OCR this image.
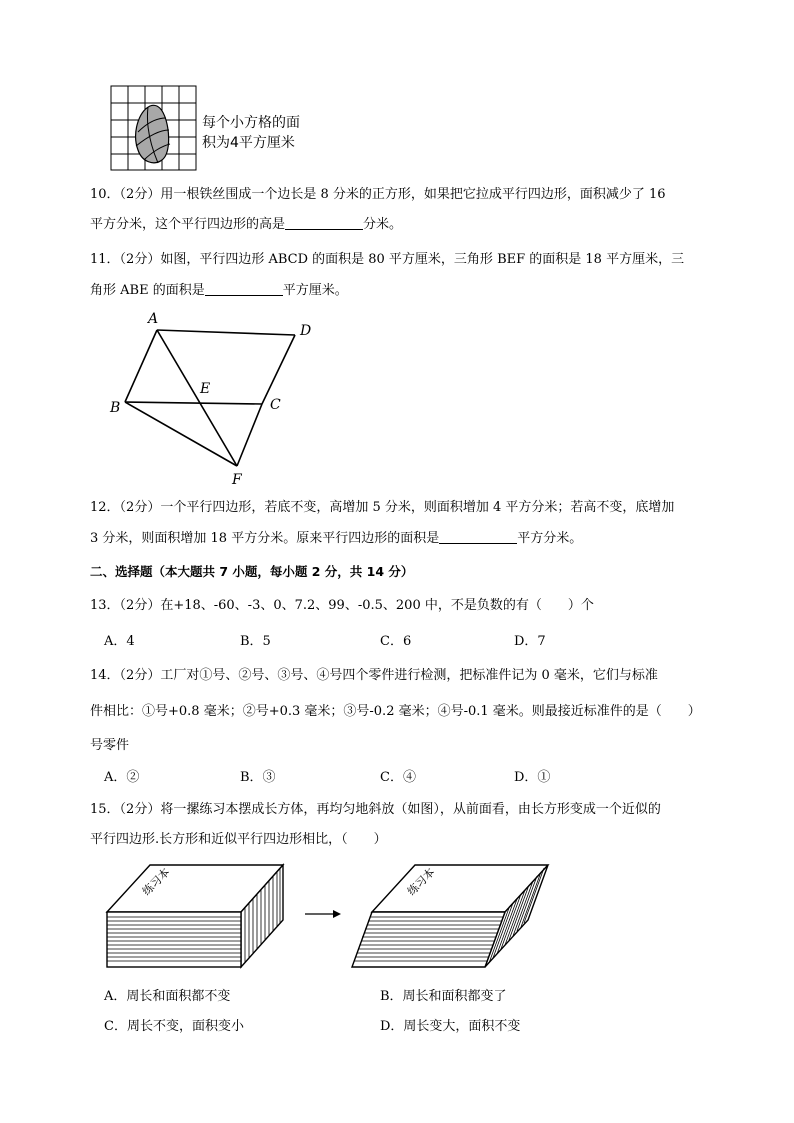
每个小方格的面
积为4平方厘米
10．（2分）用一根铁丝围成一个边长是 8 分米的正方形，如果把它拉成平行四边形，面积减少了 16
平方分米，这个平行四边形的高是	分米。
11．（2分）如图，平行四边形 ABCD 的面积是 80 平方厘米，三角形 BEF 的面积是 18 平方厘米，三
角形 ABE 的面积是	平方厘米。
A
D
B	C
E
F
12．（2分）一个平行四边形，若底不变，高增加 5 分米，则面积增加 4 平方分米；若高不变，底增加
3 分米，则面积增加 18 平方分米。原来平行四边形的面积是	平方分米。
二、选择题（本大题共 7 小题，每小题 2 分，共 14 分）
13．（2分）在+18、-60、-3、0、7.2、99、-0.5、200 中，不是负数的有（　　）个
A．4	B．5	C．6	D．7
14．（2分）工厂对①号、②号、③号、④号四个零件进行检测，把标准件记为 0 毫米，它们与标准
件相比：①号+0.8 毫米；②号+0.3 毫米；③号-0.2 毫米；④号-0.1 毫米。则最接近标准件的是（　　）
号零件
A．②	B．③	C．④	D．①
15．（2分）将一摞练习本摆成长方体，再均匀地斜放（如图），从前面看，由长方形变成一个近似的
平行四边形.长方形和近似平行四边形相比，（　　）
练习本	练习本
A．周长和面积都不变	B．周长和面积都变了
C．周长不变，面积变小	D．周长变大，面积不变
